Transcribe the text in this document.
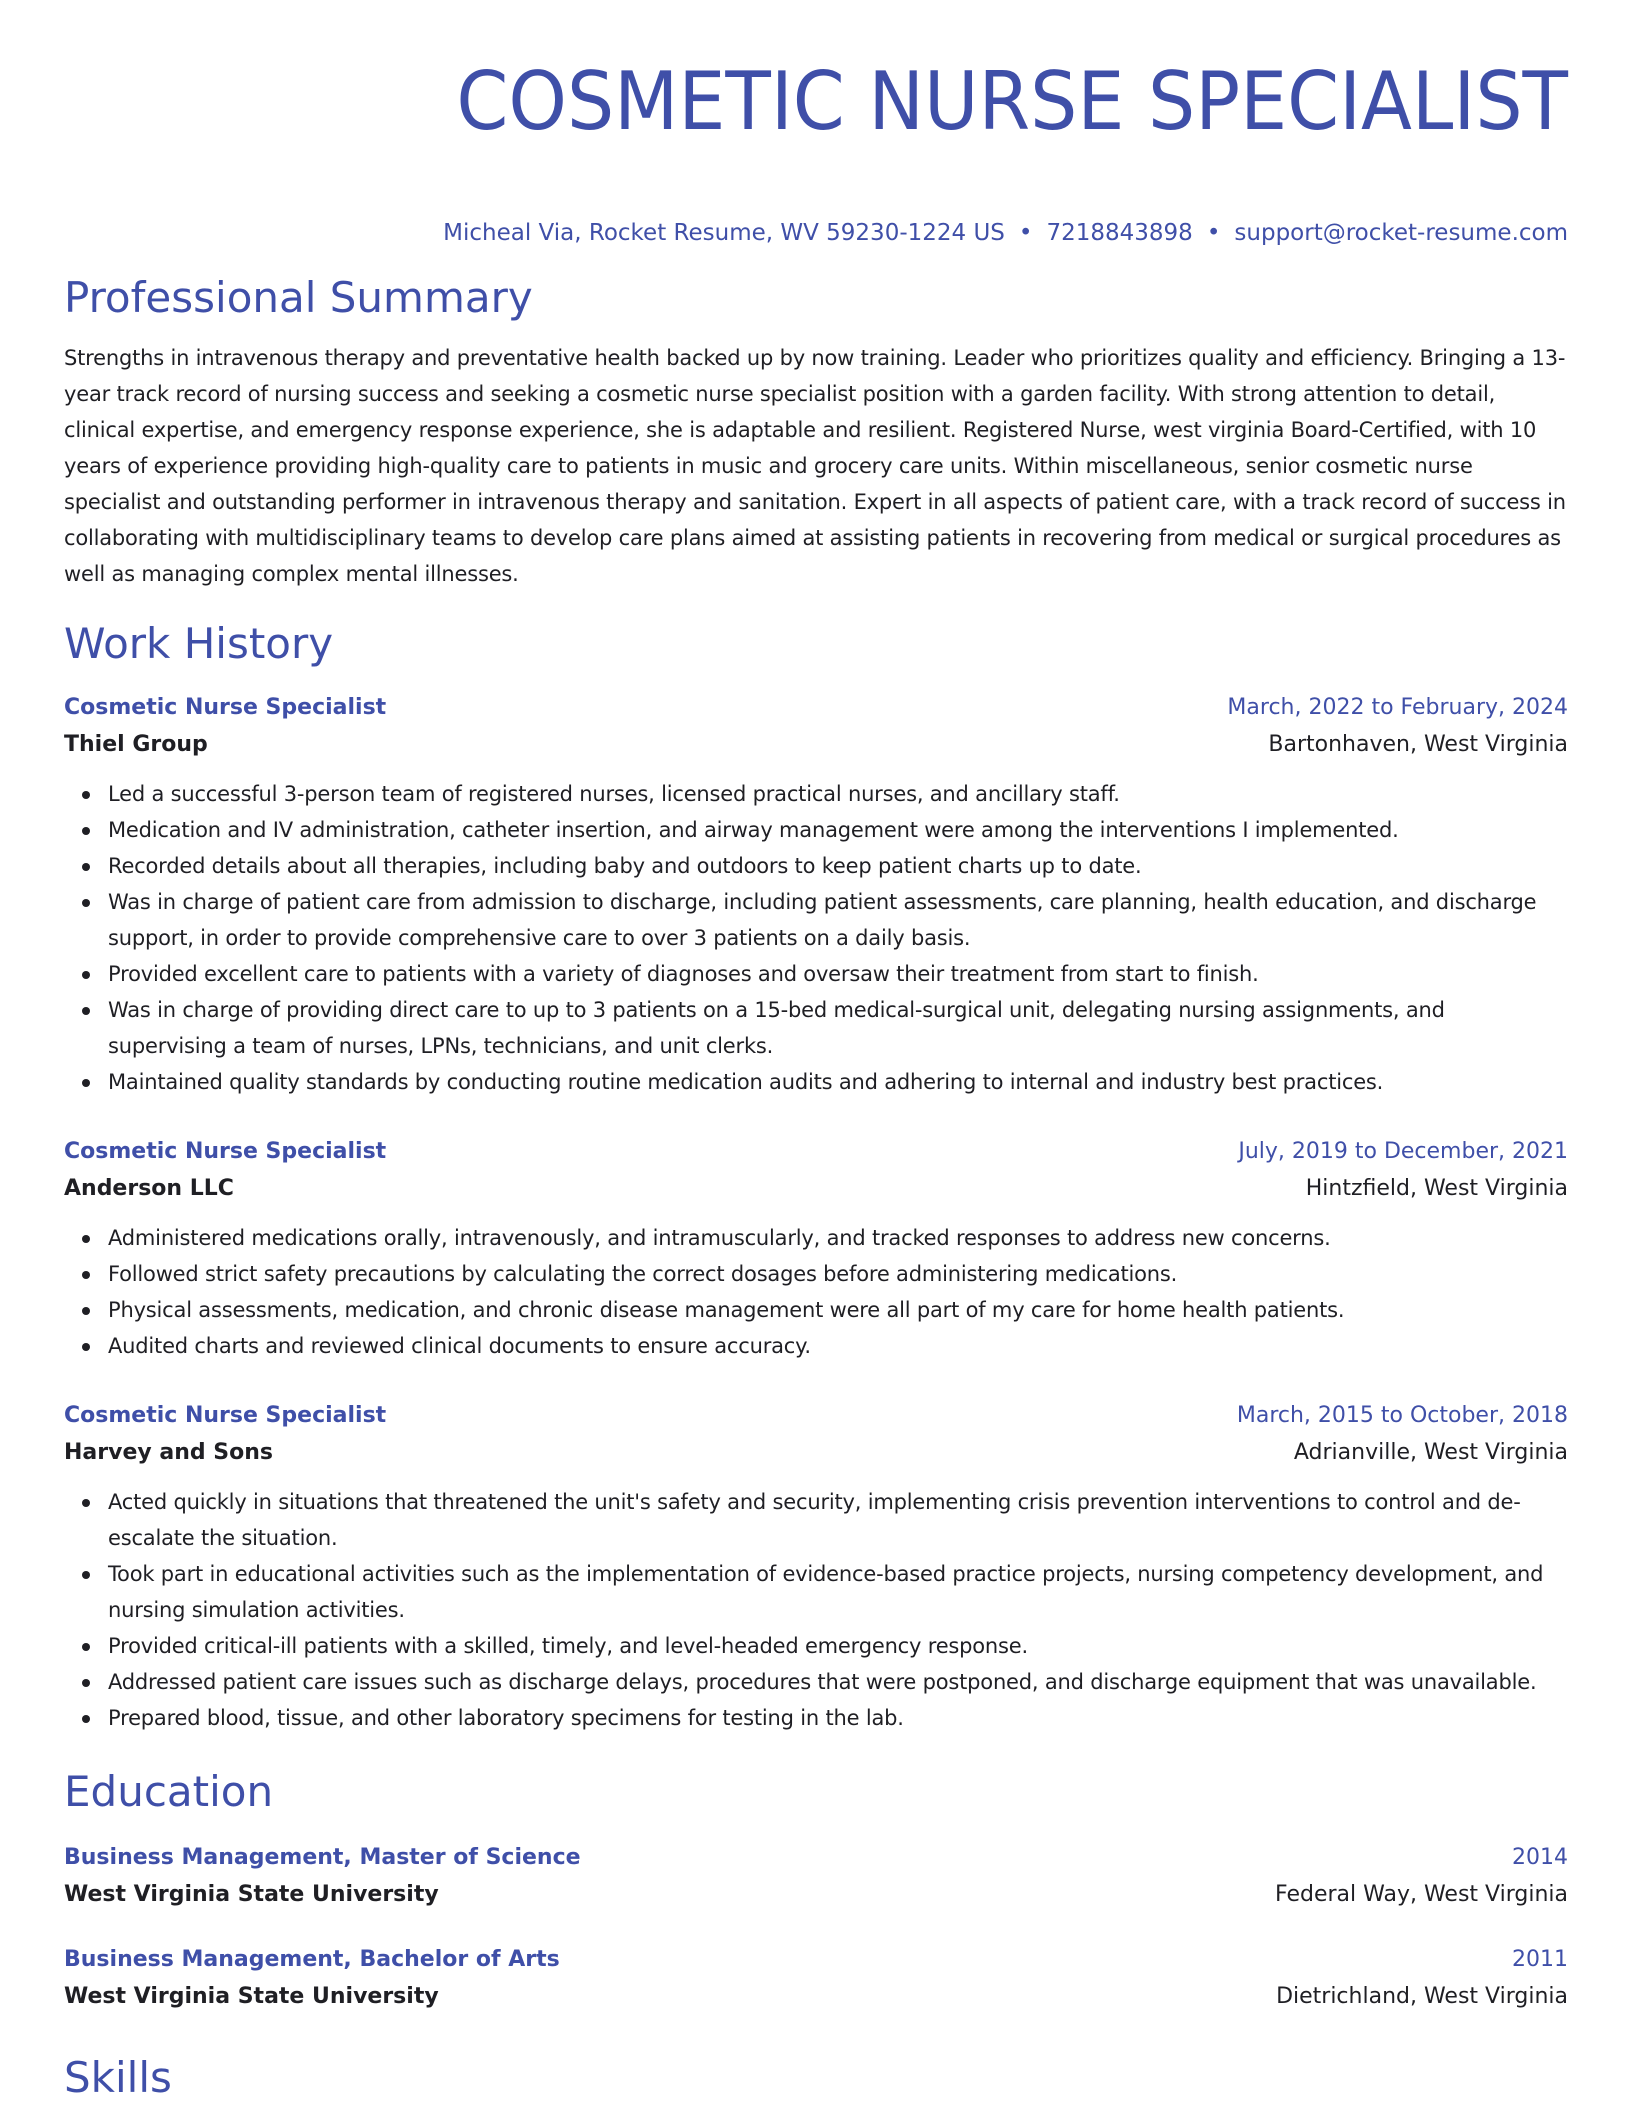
COSMETIC NURSE SPECIALIST
Micheal Via, Rocket Resume, WV 59230-1224 US • 7218843898 • support@rocket-resume.com
Professional Summary

Strengths in intravenous therapy and preventative health backed up by now training. Leader who prioritizes quality and efficiency. Bringing a 13-year track record of nursing success and seeking a cosmetic nurse specialist position with a garden facility. With strong attention to detail, clinical expertise, and emergency response experience, she is adaptable and resilient. Registered Nurse, west virginia Board-Certified, with 10 years of experience providing high-quality care to patients in music and grocery care units. Within miscellaneous, senior cosmetic nurse specialist and outstanding performer in intravenous therapy and sanitation. Expert in all aspects of patient care, with a track record of success in collaborating with multidisciplinary teams to develop care plans aimed at assisting patients in recovering from medical or surgical procedures as well as managing complex mental illnesses.

Work History
Cosmetic Nurse Specialist	March, 2022 to February, 2024
Thiel Group	Bartonhaven, West Virginia
Led a successful 3-person team of registered nurses, licensed practical nurses, and ancillary staff.
Medication and IV administration, catheter insertion, and airway management were among the interventions I implemented.
Recorded details about all therapies, including baby and outdoors to keep patient charts up to date.
Was in charge of patient care from admission to discharge, including patient assessments, care planning, health education, and discharge support, in order to provide comprehensive care to over 3 patients on a daily basis.
Provided excellent care to patients with a variety of diagnoses and oversaw their treatment from start to finish.
Was in charge of providing direct care to up to 3 patients on a 15-bed medical-surgical unit, delegating nursing assignments, and supervising a team of nurses, LPNs, technicians, and unit clerks.
Maintained quality standards by conducting routine medication audits and adhering to internal and industry best practices.
Cosmetic Nurse Specialist	July, 2019 to December, 2021
Anderson LLC	Hintzfield, West Virginia
Administered medications orally, intravenously, and intramuscularly, and tracked responses to address new concerns.
Followed strict safety precautions by calculating the correct dosages before administering medications.
Physical assessments, medication, and chronic disease management were all part of my care for home health patients.
Audited charts and reviewed clinical documents to ensure accuracy.
Cosmetic Nurse Specialist	March, 2015 to October, 2018
Harvey and Sons	Adrianville, West Virginia
Acted quickly in situations that threatened the unit's safety and security, implementing crisis prevention interventions to control and de-escalate the situation.
Took part in educational activities such as the implementation of evidence-based practice projects, nursing competency development, and nursing simulation activities.
Provided critical-ill patients with a skilled, timely, and level-headed emergency response.
Addressed patient care issues such as discharge delays, procedures that were postponed, and discharge equipment that was unavailable.
Prepared blood, tissue, and other laboratory specimens for testing in the lab.
Education
Business Management, Master of Science	2014
West Virginia State University	Federal Way, West Virginia
Business Management, Bachelor of Arts	2011
West Virginia State University	Dietrichland, West Virginia
Skills
